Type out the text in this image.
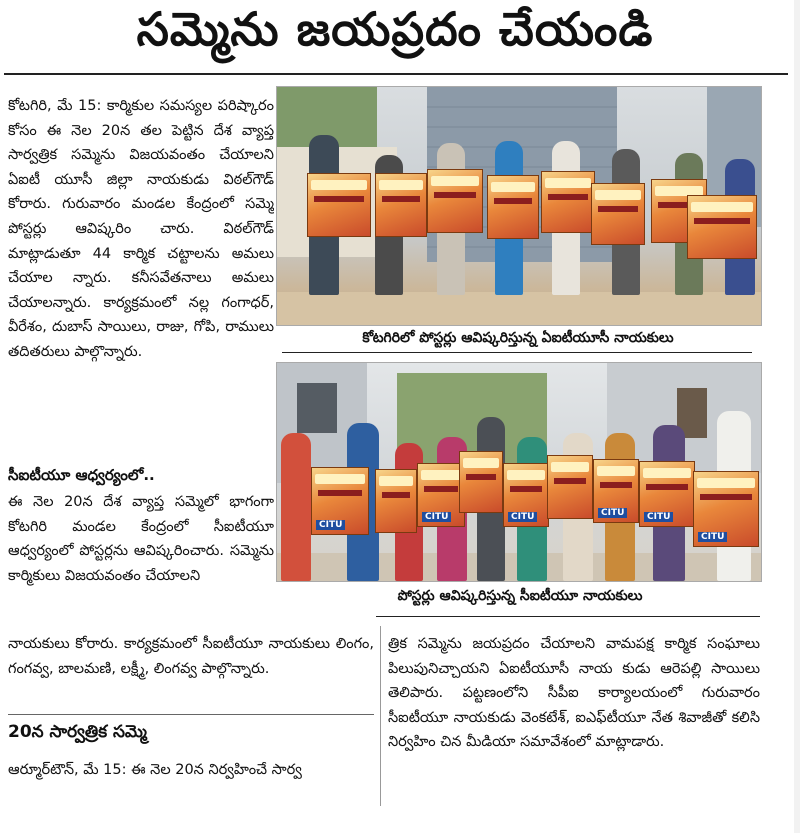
సమ్మెను జయప్రదం చేయండి
కోటగిరి, మే 15: కార్మికుల సమస్యల పరిష్కారం కోసం ఈ నెల 20న తల పెట్టిన దేశ వ్యాప్త సార్వత్రిక సమ్మెను విజయవంతం చేయాలని ఏఐటీ యూసీ జిల్లా నాయకుడు విఠల్‌గౌడ్ కోరారు. గురువారం మండల కేంద్రంలో సమ్మె పోస్టర్లు ఆవిష్కరిం చారు. విఠల్‌గౌడ్ మాట్లాడుతూ 44 కార్మిక చట్టాలను అమలు చేయాల న్నారు. కనీసవేతనాలు అమలు చేయాలన్నారు. కార్యక్రమంలో నల్ల గంగాధర్, వీరేశం, దుబాస్ సాయిలు, రాజు, గోపి, రాములు తదితరులు పాల్గొన్నారు.
సీఐటీయూ ఆధ్వర్యంలో..
ఈ నెల 20న దేశ వ్యాప్త సమ్మెలో భాగంగా కోటగిరి మండల కేంద్రంలో సీఐటీయూ ఆధ్వర్యంలో పోస్టర్లను ఆవిష్కరించారు. సమ్మెను కార్మికులు విజయవంతం చేయాలని
నాయకులు కోరారు. కార్యక్రమంలో సీఐటీయూ నాయకులు లింగం, గంగవ్వ, బాలమణి, లక్ష్మీ, లింగవ్వ పాల్గొన్నారు.
కోటగిరిలో పోస్టర్లు ఆవిష్కరిస్తున్న ఏఐటీయూసీ నాయకులు
CITU
CITU	CITU	CITU	CITU
CITU
పోస్టర్లు ఆవిష్కరిస్తున్న సీఐటీయూ నాయకులు
20న సార్వత్రిక సమ్మె
ఆర్మూర్‌టౌన్, మే 15: ఈ నెల 20న నిర్వహించే సార్వ
త్రిక సమ్మెను జయప్రదం చేయాలని వామపక్ష కార్మిక సంఘాలు పిలుపునిచ్చాయని ఏఐటీయూసీ నాయ కుడు ఆరెపల్లి సాయిలు తెలిపారు. పట్టణంలోని సీపీఐ కార్యాలయంలో గురువారం సీఐటీయూ నాయకుడు వెంకటేశ్, ఐఎఫ్‌టీయూ నేత శివాజీతో కలిసి నిర్వహిం చిన మీడియా సమావేశంలో మాట్లాడారు.
